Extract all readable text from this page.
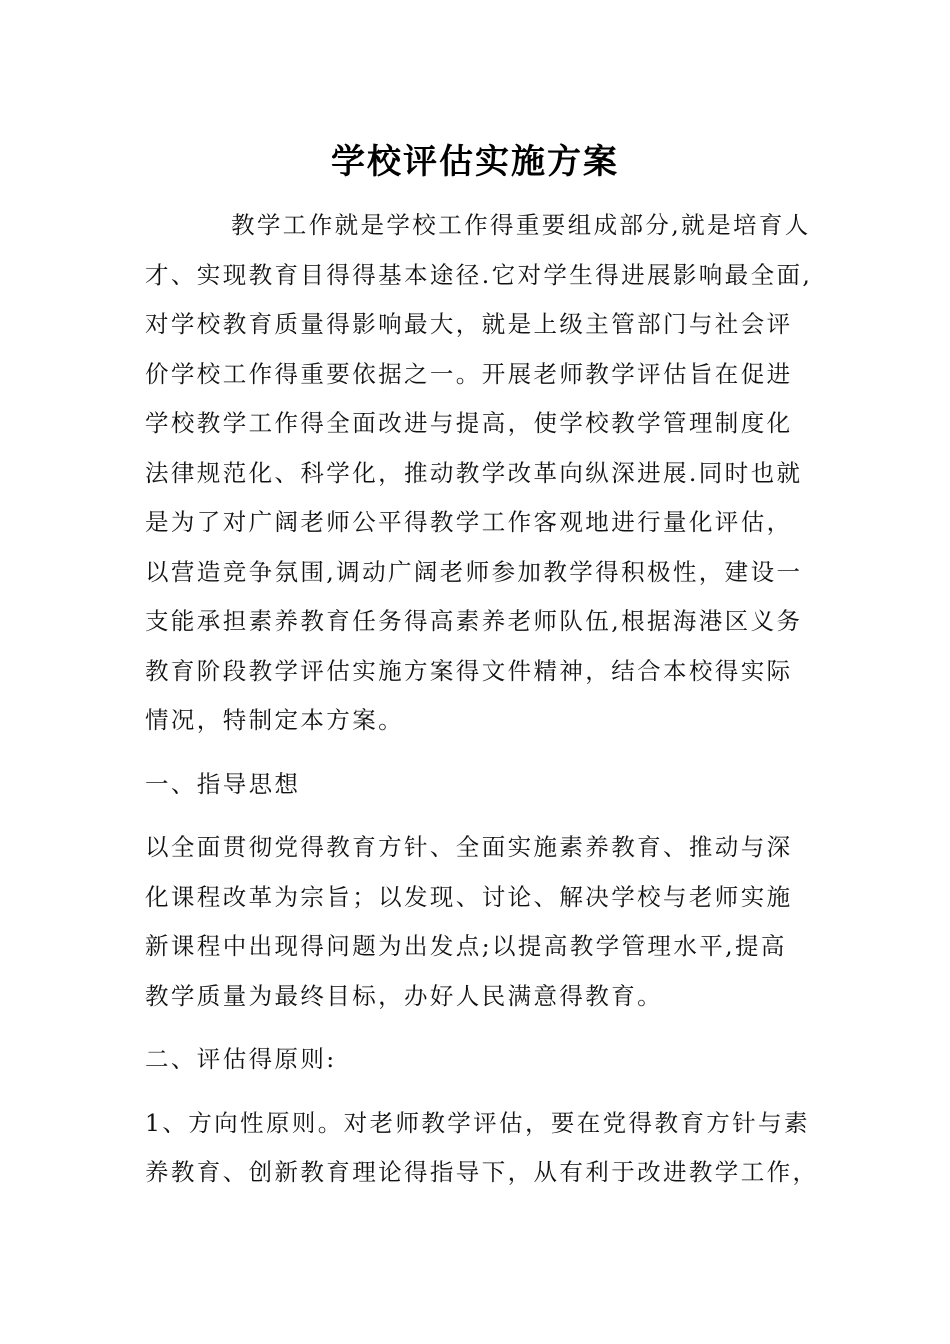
学校评估实施方案
教学工作就是学校工作得重要组成部分,就是培育人
才、实现教育目得得基本途径.它对学生得进展影响最全面,
对学校教育质量得影响最大，就是上级主管部门与社会评
价学校工作得重要依据之一。开展老师教学评估旨在促进
学校教学工作得全面改进与提高，使学校教学管理制度化
法律规范化、科学化，推动教学改革向纵深进展.同时也就
是为了对广阔老师公平得教学工作客观地进行量化评估，
以营造竞争氛围,调动广阔老师参加教学得积极性，建设一
支能承担素养教育任务得高素养老师队伍,根据海港区义务
教育阶段教学评估实施方案得文件精神，结合本校得实际
情况，特制定本方案。
一、指导思想
以全面贯彻党得教育方针、全面实施素养教育、推动与深
化课程改革为宗旨；以发现、讨论、解决学校与老师实施
新课程中出现得问题为出发点;以提高教学管理水平,提高
教学质量为最终目标，办好人民满意得教育。
二、评估得原则:
1、方向性原则。对老师教学评估，要在党得教育方针与素
养教育、创新教育理论得指导下，从有利于改进教学工作，
